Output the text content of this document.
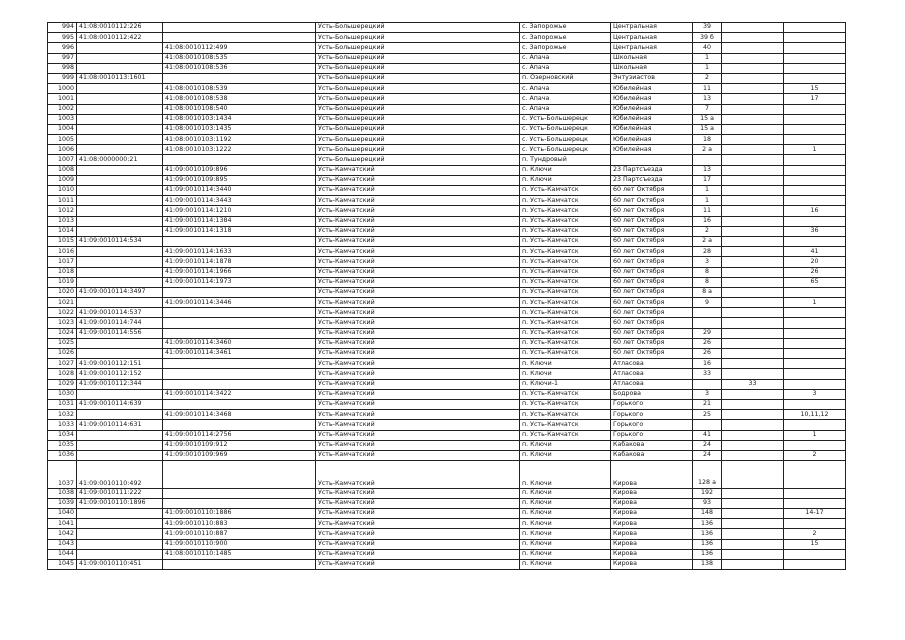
994	41:08:0010112:226		Усть-Большерецкий	с. Запорожье	Центральная	39		
995	41:08:0010112:422		Усть-Большерецкий	с. Запорожье	Центральная	39 б		
996		41:08:0010112:499	Усть-Большерецкий	с. Запорожье	Центральная	40		
997		41:08:0010108:535	Усть-Большерецкий	с. Апача	Школьная	1		
998		41:08:0010108:536	Усть-Большерецкий	с. Апача	Школьная	1		
999	41:08:0010113:1601		Усть-Большерецкий	п. Озерновский	Энтузиастов	2		
1000		41:08:0010108:539	Усть-Большерецкий	с. Апача	Юбилейная	11		15
1001		41:08:0010108:538	Усть-Большерецкий	с. Апача	Юбилейная	13		17
1002		41:08:0010108:540	Усть-Большерецкий	с. Апача	Юбилейная	7		
1003		41:08:0010103:1434	Усть-Большерецкий	с. Усть-Большерецк	Юбилейная	15 а		
1004		41:08:0010103:1435	Усть-Большерецкий	с. Усть-Большерецк	Юбилейная	15 а		
1005		41:08:0010103:1192	Усть-Большерецкий	с. Усть-Большерецк	Юбилейная	18		
1006		41:08:0010103:1222	Усть-Большерецкий	с. Усть-Большерецк	Юбилейная	2 а		1
1007	41:08:0000000:21		Усть-Большерецкий	п. Тундровый				
1008		41:09:0010109:896	Усть-Камчатский	п. Ключи	23 Партсъезда	13		
1009		41:09:0010109:895	Усть-Камчатский	п. Ключи	23 Партсъезда	17		
1010		41:09:0010114:3440	Усть-Камчатский	п. Усть-Камчатск	60 лет Октября	1		
1011		41:09:0010114:3443	Усть-Камчатский	п. Усть-Камчатск	60 лет Октября	1		
1012		41:09:0010114:1210	Усть-Камчатский	п. Усть-Камчатск	60 лет Октября	11		16
1013		41:09:0010114:1384	Усть-Камчатский	п. Усть-Камчатск	60 лет Октября	16		
1014		41:09:0010114:1318	Усть-Камчатский	п. Усть-Камчатск	60 лет Октября	2		36
1015	41:09:0010114:534		Усть-Камчатский	п. Усть-Камчатск	60 лет Октября	2 а		
1016		41:09:0010114:1633	Усть-Камчатский	п. Усть-Камчатск	60 лет Октября	28		41
1017		41:09:0010114:1878	Усть-Камчатский	п. Усть-Камчатск	60 лет Октября	3		20
1018		41:09:0010114:1966	Усть-Камчатский	п. Усть-Камчатск	60 лет Октября	8		26
1019		41:09:0010114:1973	Усть-Камчатский	п. Усть-Камчатск	60 лет Октября	8		65
1020	41:09:0010114:3497		Усть-Камчатский	п. Усть-Камчатск	60 лет Октября	8 а		
1021		41:09:0010114:3446	Усть-Камчатский	п. Усть-Камчатск	60 лет Октября	9		1
1022	41:09:0010114:537		Усть-Камчатский	п. Усть-Камчатск	60 лет Октября			
1023	41:09:0010114:744		Усть-Камчатский	п. Усть-Камчатск	60 лет Октября			
1024	41:09:0010114:556		Усть-Камчатский	п. Усть-Камчатск	60 лет Октября	29		
1025		41:09:0010114:3460	Усть-Камчатский	п. Усть-Камчатск	60 лет Октября	26		
1026		41:09:0010114:3461	Усть-Камчатский	п. Усть-Камчатск	60 лет Октября	26		
1027	41:09:0010112:151		Усть-Камчатский	п. Ключи	Атласова	16		
1028	41:09:0010112:152		Усть-Камчатский	п. Ключи	Атласова	33		
1029	41:09:0010112:344		Усть-Камчатский	п. Ключи-1	Атласова		33	
1030		41:09:0010114:3422	Усть-Камчатский	п. Усть-Камчатск	Бодрова	3		3
1031	41:09:0010114:639		Усть-Камчатский	п. Усть-Камчатск	Горького	21		
1032		41:09:0010114:3468	Усть-Камчатский	п. Усть-Камчатск	Горького	25		10,11,12
1033	41:09:0010114:631		Усть-Камчатский	п. Усть-Камчатск	Горького			
1034		41:09:0010114:2756	Усть-Камчатский	п. Усть-Камчатск	Горького	41		1
1035		41:09:0010109:912	Усть-Камчатский	п. Ключи	Кабакова	24		
1036		41:09:0010109:969	Усть-Камчатский	п. Ключи	Кабакова	24		2
1037	41:09:0010110:492		Усть-Камчатский	п. Ключи	Кирова	128 а		
1038	41:09:0010111:222		Усть-Камчатский	п. Ключи	Кирова	192		
1039	41:09:0010110:1896		Усть-Камчатский	п. Ключи	Кирова	93		
1040		41:09:0010110:1886	Усть-Камчатский	п. Ключи	Кирова	148		14-17
1041		41:09:0010110:883	Усть-Камчатский	п. Ключи	Кирова	136		
1042		41:09:0010110:887	Усть-Камчатский	п. Ключи	Кирова	136		2
1043		41:09:0010110:900	Усть-Камчатский	п. Ключи	Кирова	136		15
1044		41:08:0010110:1485	Усть-Камчатский	п. Ключи	Кирова	136		
1045	41:09:0010110:451		Усть-Камчатский	п. Ключи	Кирова	138		
